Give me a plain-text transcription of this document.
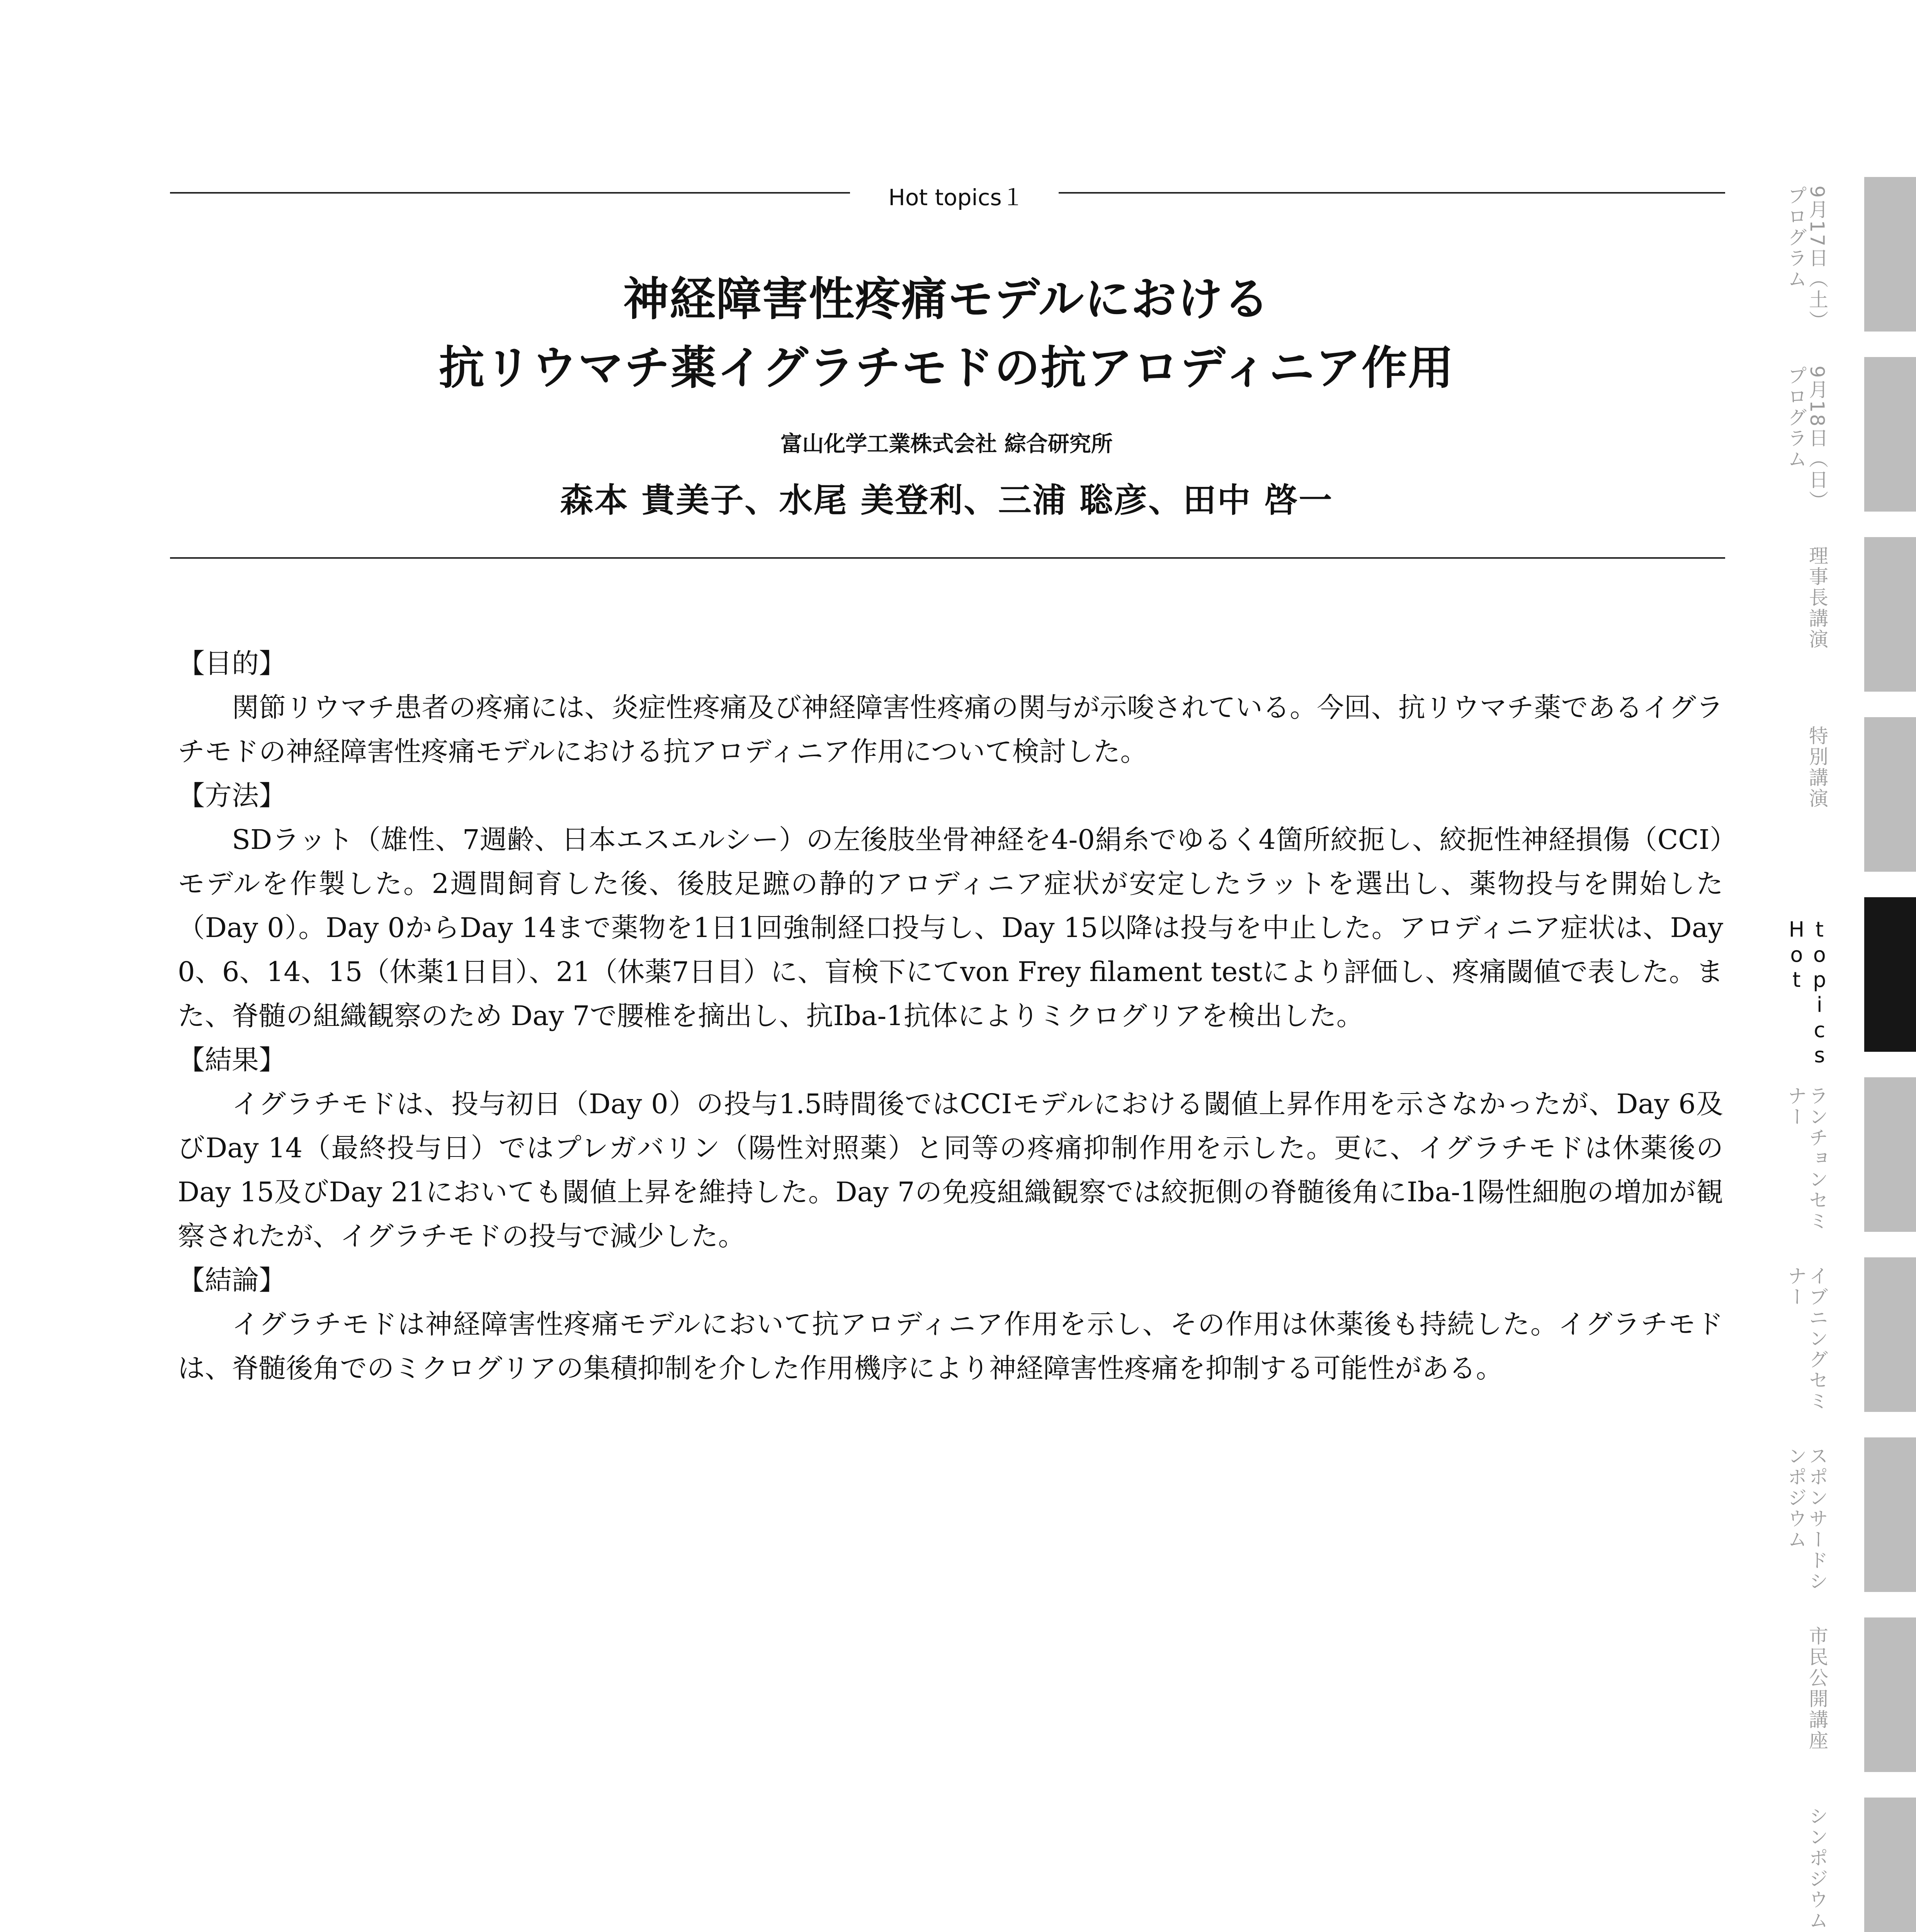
Hot topics１
神経障害性疼痛モデルにおける
抗リウマチ薬イグラチモドの抗アロディニア作用
富山化学工業株式会社 綜合研究所
森本 貴美子、水尾 美登利、三浦 聡彦、田中 啓一

【目的】

関節リウマチ患者の疼痛には、炎症性疼痛及び神経障害性疼痛の関与が示唆されている。今回、抗リウマチ薬であるイグラチモドの神経障害性疼痛モデルにおける抗アロディニア作用について検討した。

【方法】

SDラット（雄性、7週齢、日本エスエルシー）の左後肢坐骨神経を4-0絹糸でゆるく4箇所絞扼し、絞扼性神経損傷（CCI）モデルを作製した。2週間飼育した後、後肢足蹠の静的アロディニア症状が安定したラットを選出し、薬物投与を開始した（Day 0）。Day 0からDay 14まで薬物を1日1回強制経口投与し、Day 15以降は投与を中止した。アロディニア症状は、Day 0、6、14、15（休薬1日目）、21（休薬7日目）に、盲検下にてvon Frey filament testにより評価し、疼痛閾値で表した。また、脊髄の組織観察のため Day 7で腰椎を摘出し、抗Iba-1抗体によりミクログリアを検出した。

【結果】

イグラチモドは、投与初日（Day 0）の投与1.5時間後ではCCIモデルにおける閾値上昇作用を示さなかったが、Day 6及びDay 14（最終投与日）ではプレガバリン（陽性対照薬）と同等の疼痛抑制作用を示した。更に、イグラチモドは休薬後のDay 15及びDay 21においても閾値上昇を維持した。Day 7の免疫組織観察では絞扼側の脊髄後角にIba-1陽性細胞の増加が観察されたが、イグラチモドの投与で減少した。

【結論】

イグラチモドは神経障害性疼痛モデルにおいて抗アロディニア作用を示し、その作用は休薬後も持続した。イグラチモドは、脊髄後角でのミクログリアの集積抑制を介した作用機序により神経障害性疼痛を抑制する可能性がある。

9月17日（土）プログラム
9月18日（日）プログラム
理事長講演
特別講演
Hot topics
ランチョンセミナー
イブニングセミナー
スポンサードシンポジウム
市民公開講座
シンポジウム
